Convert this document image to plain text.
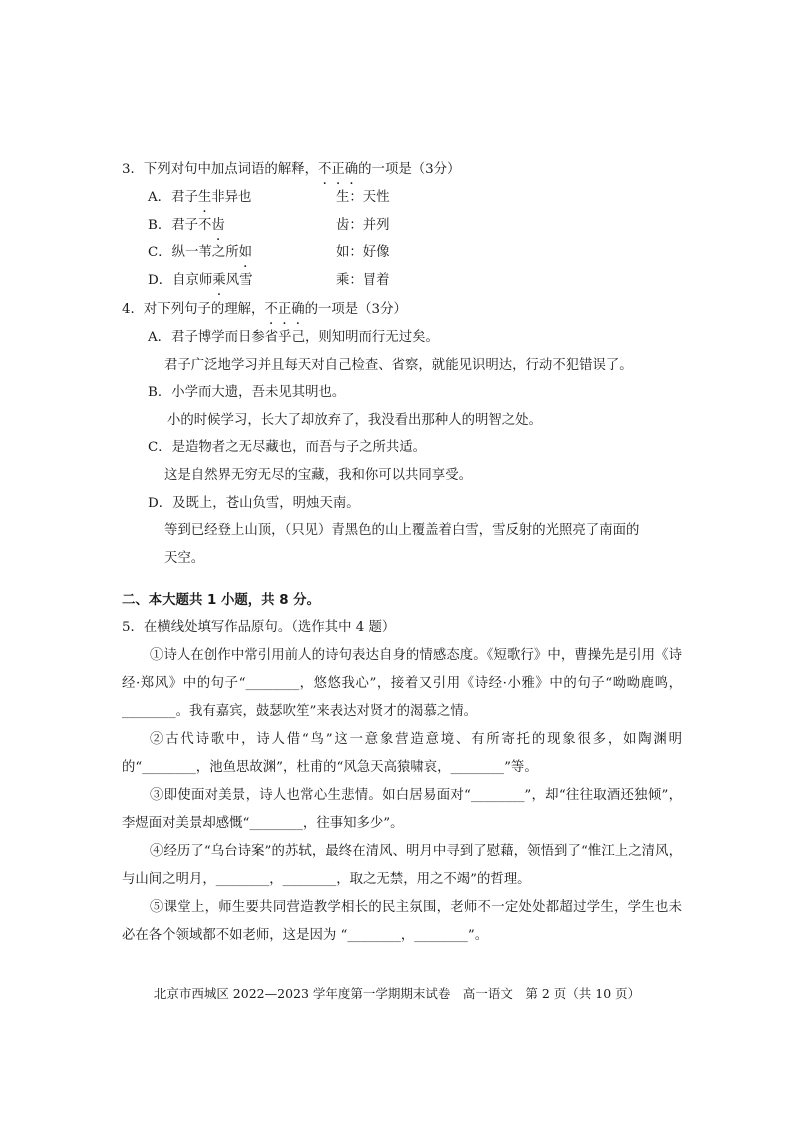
3．下列对句中加点词语的解释，不正确的一项是（3分）
A．君子生非异也	生：天性
B．君子不齿	齿：并列
C．纵一苇之所如	如：好像
D．自京师乘风雪	乘：冒着
4．对下列句子的理解，不正确的一项是（3分）
A．君子博学而日参省乎己，则知明而行无过矣。
君子广泛地学习并且每天对自己检查、省察，就能见识明达，行动不犯错误了。
B．小学而大遗，吾未见其明也。
小的时候学习，长大了却放弃了，我没看出那种人的明智之处。
C．是造物者之无尽藏也，而吾与子之所共适。
这是自然界无穷无尽的宝藏，我和你可以共同享受。
D．及既上，苍山负雪，明烛天南。
等到已经登上山顶，（只见）青黑色的山上覆盖着白雪，雪反射的光照亮了南面的
天空。
二、本大题共 1 小题，共 8 分。
5．在横线处填写作品原句。（选作其中 4 题）
①诗人在创作中常引用前人的诗句表达自身的情感态度。《短歌行》中，曹操先是引用《诗经·郑风》中的句子“________，悠悠我心”，接着又引用《诗经·小雅》中的句子“呦呦鹿鸣，________。我有嘉宾，鼓瑟吹笙”来表达对贤才的渴慕之情。
②古代诗歌中，诗人借“鸟”这一意象营造意境、有所寄托的现象很多，如陶渊明的“________，池鱼思故渊”，杜甫的“风急天高猿啸哀，________”等。
③即使面对美景，诗人也常心生悲情。如白居易面对“________”，却“往往取酒还独倾”，李煜面对美景却感慨“________，往事知多少”。
④经历了“乌台诗案”的苏轼，最终在清风、明月中寻到了慰藉，领悟到了“惟江上之清风，与山间之明月，________，________，取之无禁，用之不竭”的哲理。
⑤课堂上，师生要共同营造教学相长的民主氛围，老师不一定处处都超过学生，学生也未必在各个领域都不如老师，这是因为 “________，________”。
北京市西城区 2022—2023 学年度第一学期期末试卷　高一语文　第 2 页（共 10 页）
